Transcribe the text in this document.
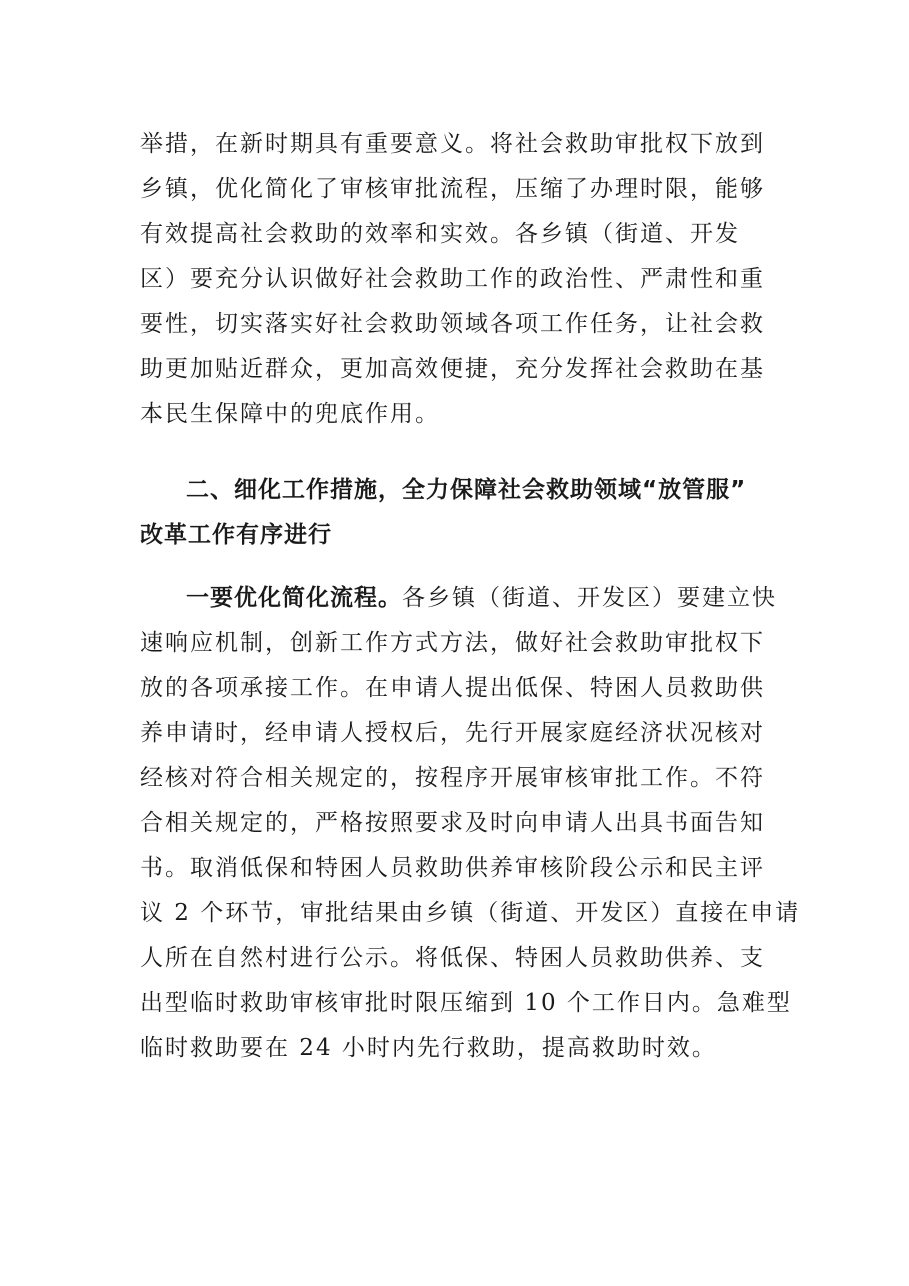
举措，在新时期具有重要意义。将社会救助审批权下放到
乡镇，优化简化了审核审批流程，压缩了办理时限，能够
有效提高社会救助的效率和实效。各乡镇（街道、开发
区）要充分认识做好社会救助工作的政治性、严肃性和重
要性，切实落实好社会救助领域各项工作任务，让社会救
助更加贴近群众，更加高效便捷，充分发挥社会救助在基
本民生保障中的兜底作用。
二、细化工作措施，全力保障社会救助领域“放管服”
改革工作有序进行
一要优化简化流程。各乡镇（街道、开发区）要建立快
速响应机制，创新工作方式方法，做好社会救助审批权下
放的各项承接工作。在申请人提出低保、特困人员救助供
养申请时，经申请人授权后，先行开展家庭经济状况核对
经核对符合相关规定的，按程序开展审核审批工作。不符
合相关规定的，严格按照要求及时向申请人出具书面告知
书。取消低保和特困人员救助供养审核阶段公示和民主评
议 2 个环节，审批结果由乡镇（街道、开发区）直接在申请
人所在自然村进行公示。将低保、特困人员救助供养、支
出型临时救助审核审批时限压缩到 10 个工作日内。急难型
临时救助要在 24 小时内先行救助，提高救助时效。
